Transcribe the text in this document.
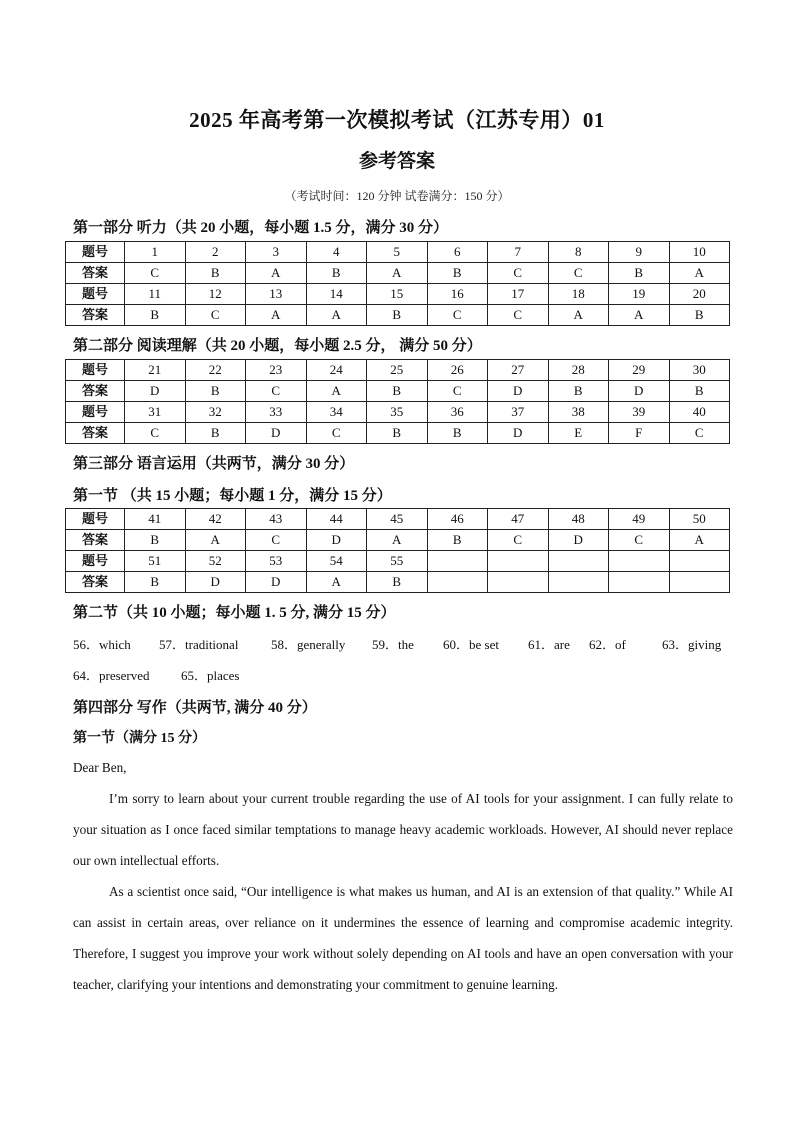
2025 年高考第一次模拟考试（江苏专用）01
参考答案
（考试时间：120 分钟 试卷满分：150 分）
第一部分 听力（共 20 小题，每小题 1.5 分，满分 30 分）
题号	1	2	3	4	5	6	7	8	9	10
答案	C	B	A	B	A	B	C	C	B	A
题号	11	12	13	14	15	16	17	18	19	20
答案	B	C	A	A	B	C	C	A	A	B
第二部分 阅读理解（共 20 小题，每小题 2.5 分， 满分 50 分）
题号	21	22	23	24	25	26	27	28	29	30
答案	D	B	C	A	B	C	D	B	D	B
题号	31	32	33	34	35	36	37	38	39	40
答案	C	B	D	C	B	B	D	E	F	C
第三部分 语言运用（共两节，满分 30 分）
第一节 （共 15 小题；每小题 1 分，满分 15 分）
题号	41	42	43	44	45	46	47	48	49	50
答案	B	A	C	D	A	B	C	D	C	A
题号	51	52	53	54	55					
答案	B	D	D	A	B					
第二节（共 10 小题；每小题 1. 5 分, 满分 15 分）
56．which 57．traditional	58．generally 59．the 60．be set 61．are 62．of	63．giving
64．preserved 65．places
第四部分 写作（共两节, 满分 40 分）
第一节（满分 15 分）

Dear Ben,

I’m sorry to learn about your current trouble regarding the use of AI tools for your assignment. I can fully relate to your situation as I once faced similar temptations to manage heavy academic workloads. However, AI should never replace our own intellectual efforts.

As a scientist once said, “Our intelligence is what makes us human, and AI is an extension of that quality.” While AI can assist in certain areas, over reliance on it undermines the essence of learning and compromise academic integrity. Therefore, I suggest you improve your work without solely depending on AI tools and have an open conversation with your teacher, clarifying your intentions and demonstrating your commitment to genuine learning.
